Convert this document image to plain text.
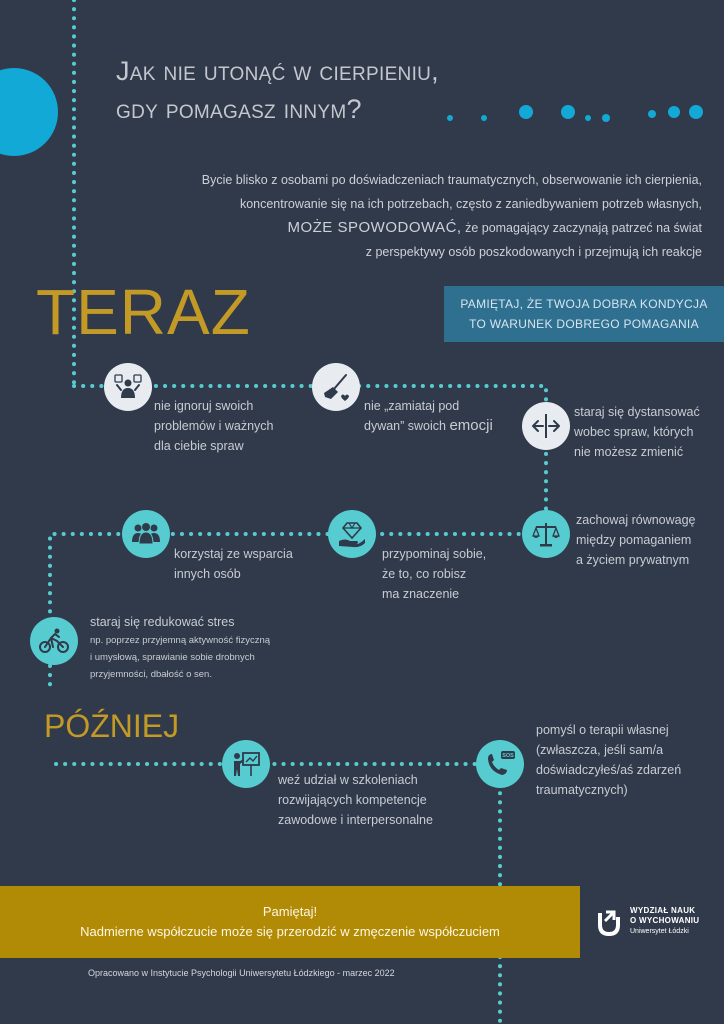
Jak nie utonąć w cierpieniu,
gdy pomagasz innym?
Bycie blisko z osobami po doświadczeniach traumatycznych, obserwowanie ich cierpienia,
koncentrowanie się na ich potrzebach, często z zaniedbywaniem potrzeb własnych,
MOŻE SPOWODOWAĆ, że pomagający zaczynają patrzeć na świat
z perspektywy osób poszkodowanych i przejmują ich reakcje
TERAZ	PAMIĘTAJ, ŻE TWOJA DOBRA KONDYCJA
TO WARUNEK DOBREGO POMAGANIA
nie ignoruj swoich
problemów i ważnych
dla ciebie spraw
nie „zamiataj pod
dywan” swoich emocji
staraj się dystansować
wobec spraw, których
nie możesz zmienić
zachowaj równowagę
między pomaganiem
a życiem prywatnym
przypominaj sobie,
że to, co robisz
ma znaczenie
korzystaj ze wsparcia
innych osób
staraj się redukować stres
np. poprzez przyjemną aktywność fizyczną
i umysłową, sprawianie sobie drobnych
przyjemności, dbałość o sen.
PÓŹNIEJ
weź udział w szkoleniach
rozwijających kompetencje
zawodowe i interpersonalne
SOS
pomyśl o terapii własnej
(zwłaszcza, jeśli sam/a
doświadczyłeś/aś zdarzeń
traumatycznych)
Pamiętaj!
Nadmierne współczucie może się przerodzić w zmęczenie współczuciem
WYDZIAŁ NAUK
O WYCHOWANIU
Uniwersytet Łódzki
Opracowano w Instytucie Psychologii Uniwersytetu Łódzkiego - marzec 2022
